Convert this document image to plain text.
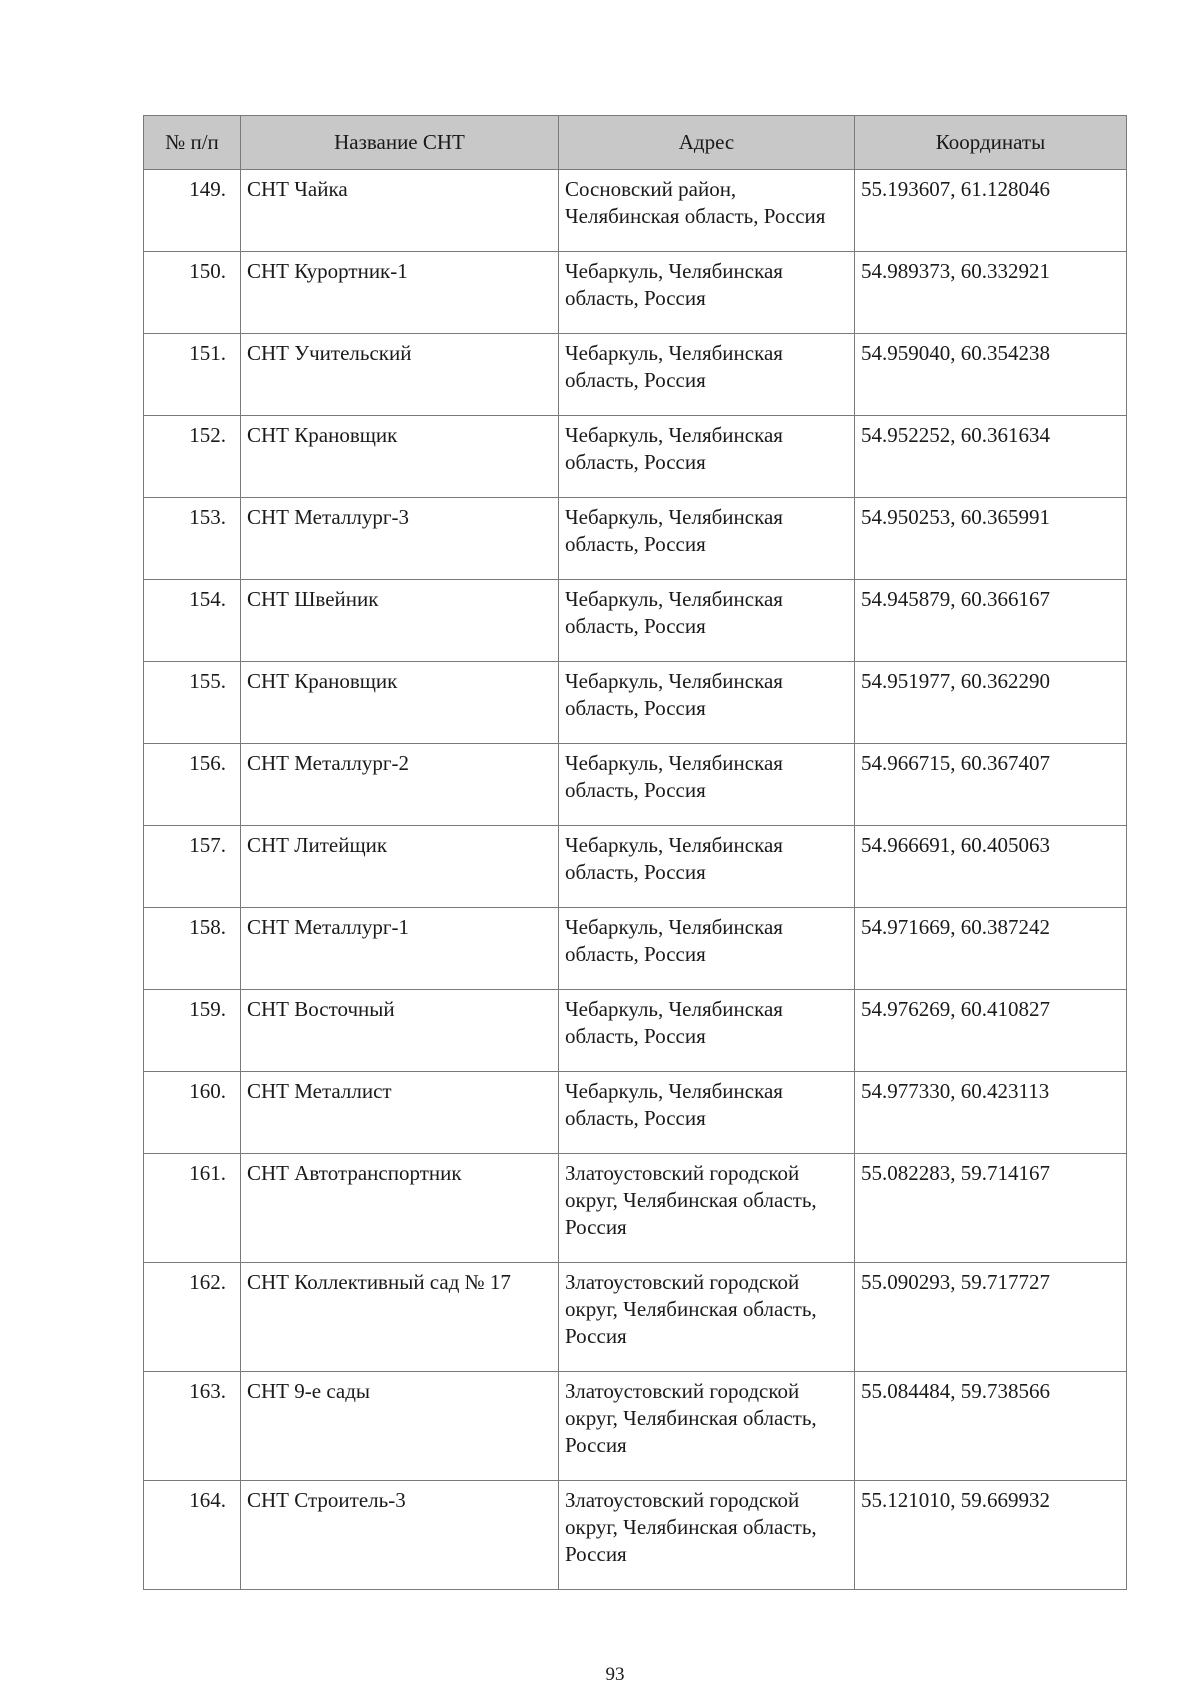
№ п/п	Название СНТ	Адрес	Координаты
149.	СНТ Чайка	Сосновский район, Челябинская область, Россия	55.193607, 61.128046
150.	СНТ Курортник-1	Чебаркуль, Челябинская область, Россия	54.989373, 60.332921
151.	СНТ Учительский	Чебаркуль, Челябинская область, Россия	54.959040, 60.354238
152.	СНТ Крановщик	Чебаркуль, Челябинская область, Россия	54.952252, 60.361634
153.	СНТ Металлург-3	Чебаркуль, Челябинская область, Россия	54.950253, 60.365991
154.	СНТ Швейник	Чебаркуль, Челябинская область, Россия	54.945879, 60.366167
155.	СНТ Крановщик	Чебаркуль, Челябинская область, Россия	54.951977, 60.362290
156.	СНТ Металлург-2	Чебаркуль, Челябинская область, Россия	54.966715, 60.367407
157.	СНТ Литейщик	Чебаркуль, Челябинская область, Россия	54.966691, 60.405063
158.	СНТ Металлург-1	Чебаркуль, Челябинская область, Россия	54.971669, 60.387242
159.	СНТ Восточный	Чебаркуль, Челябинская область, Россия	54.976269, 60.410827
160.	СНТ Металлист	Чебаркуль, Челябинская область, Россия	54.977330, 60.423113
161.	СНТ Автотранспортник	Златоустовский городской округ, Челябинская область, Россия	55.082283, 59.714167
162.	СНТ Коллективный сад № 17	Златоустовский городской округ, Челябинская область, Россия	55.090293, 59.717727
163.	СНТ 9-е сады	Златоустовский городской округ, Челябинская область, Россия	55.084484, 59.738566
164.	СНТ Строитель-3	Златоустовский городской округ, Челябинская область, Россия	55.121010, 59.669932
93
